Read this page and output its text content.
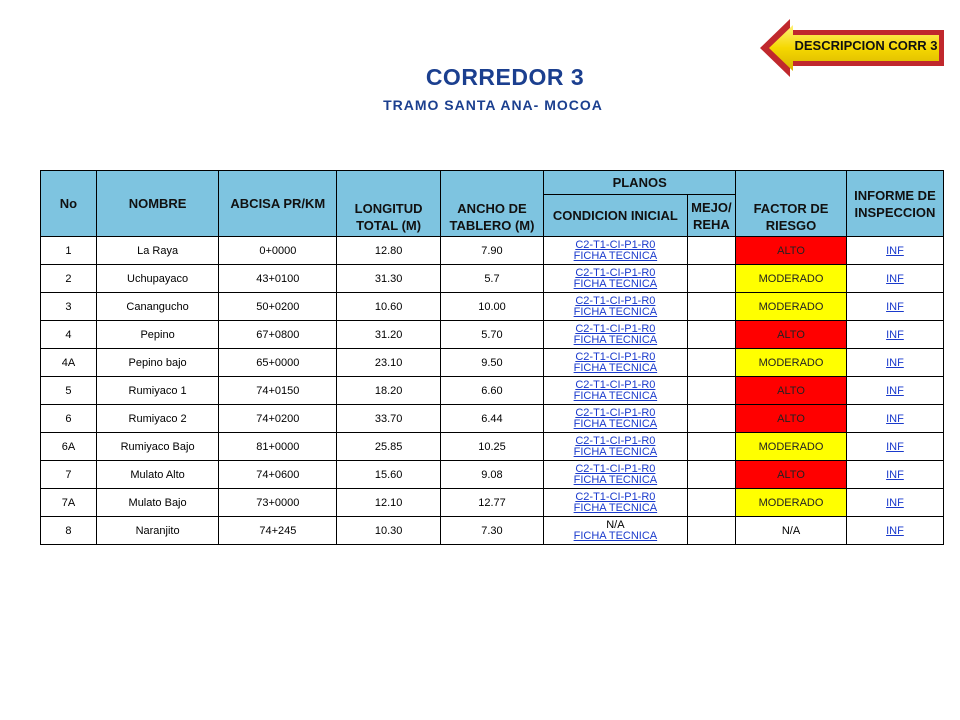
DESCRIPCION CORR 3
CORREDOR 3
TRAMO SANTA ANA- MOCOA
No	NOMBRE	ABCISA PR/KM	LONGITUD TOTAL (M)	ANCHO DE TABLERO (M)	PLANOS		FACTOR DE RIESGO	INFORME DE INSPECCION
					CONDICION INICIAL	MEJO/ REHA		
1	La Raya	0+0000	12.80	7.90	C2-T1-CI-P1-R0
FICHA TECNICA		ALTO	INF

2	Uchupayaco	43+0100	31.30	5.7	C2-T1-CI-P1-R0
FICHA TECNICA		MODERADO	INF

3	Canangucho	50+0200	10.60	10.00	C2-T1-CI-P1-R0
FICHA TECNICA		MODERADO	INF

4	Pepino	67+0800	31.20	5.70	C2-T1-CI-P1-R0
FICHA TECNICA		ALTO	INF

4A	Pepino bajo	65+0000	23.10	9.50	C2-T1-CI-P1-R0
FICHA TECNICA		MODERADO	INF

5	Rumiyaco 1	74+0150	18.20	6.60	C2-T1-CI-P1-R0
FICHA TECNICA		ALTO	INF

6	Rumiyaco 2	74+0200	33.70	6.44	C2-T1-CI-P1-R0
FICHA TECNICA		ALTO	INF

6A	Rumiyaco Bajo	81+0000	25.85	10.25	C2-T1-CI-P1-R0
FICHA TECNICA		MODERADO	INF

7	Mulato Alto	74+0600	15.60	9.08	C2-T1-CI-P1-R0
FICHA TECNICA		ALTO	INF

7A	Mulato Bajo	73+0000	12.10	12.77	C2-T1-CI-P1-R0
FICHA TECNICA		MODERADO	INF

8	Naranjito	74+245	10.30	7.30	N/A
FICHA TECNICA		N/A	INF
